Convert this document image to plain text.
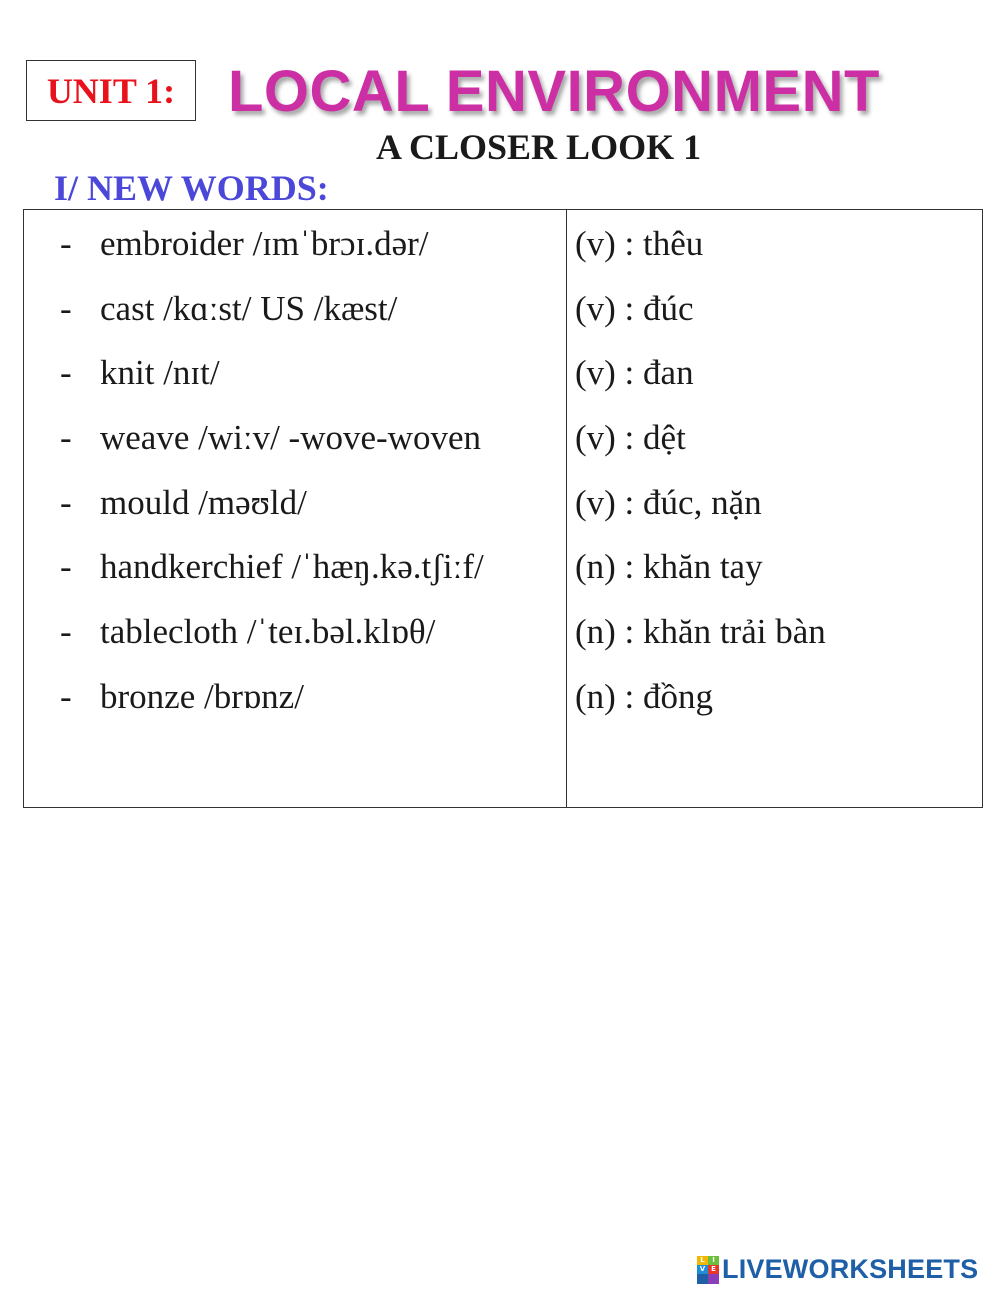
UNIT 1: LOCAL ENVIRONMENT
A CLOSER LOOK 1
I/ NEW WORDS:
- embroider /ɪmˈbrɔɪ.dər/
- cast /kɑːst/ US /kæst/
- knit /nɪt/
- weave /wiːv/ -wove-woven
- mould /məʊld/
- handkerchief /ˈhæŋ.kə.tʃiːf/
- tablecloth /ˈteɪ.bəl.klɒθ/
- bronze /brɒnz/
(v) : thêu
(v) : đúc
(v) : đan
(v) : dệt
(v) : đúc, nặn
(n) : khăn tay
(n) : khăn trải bàn
(n) : đồng
L	I
V E LIVEWORKSHEETS
